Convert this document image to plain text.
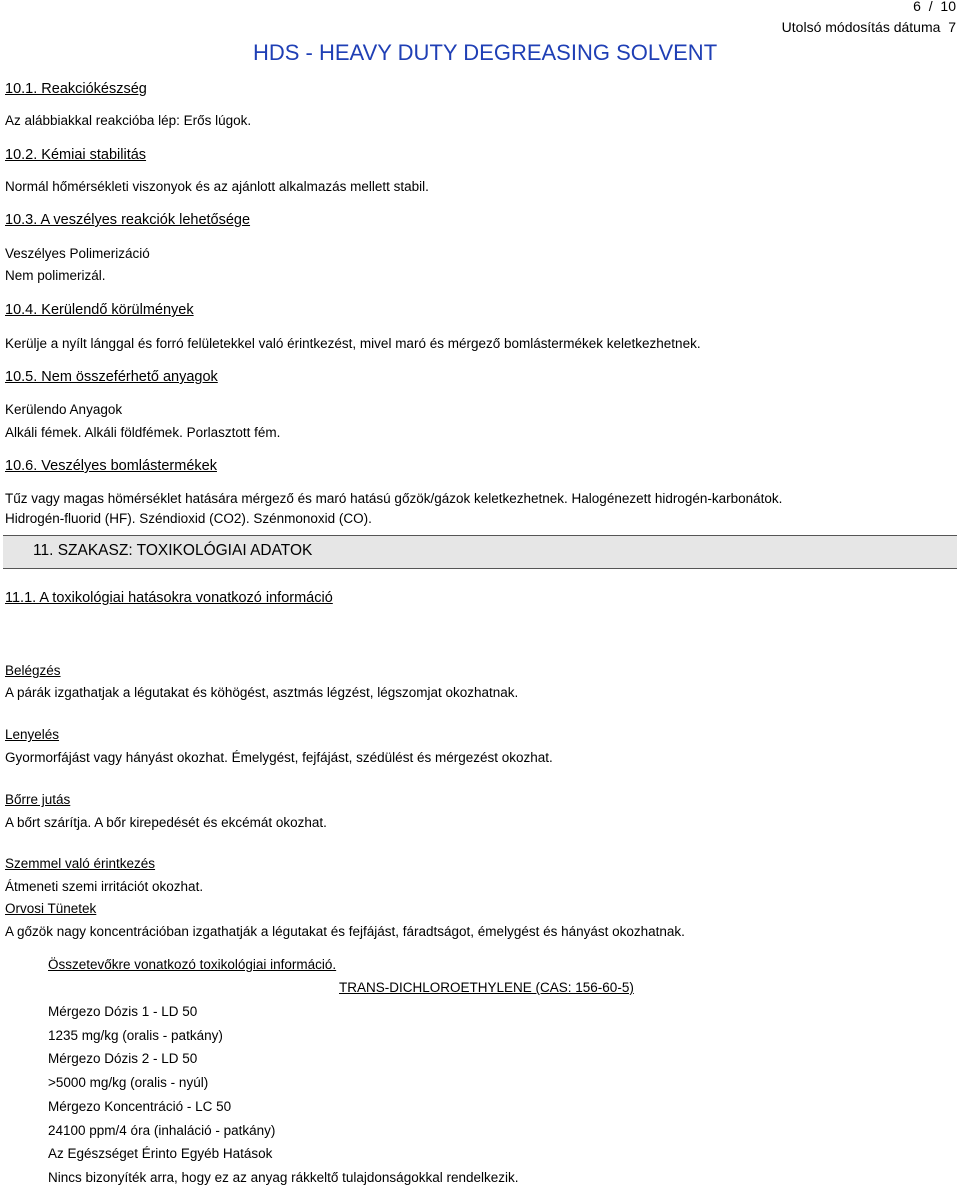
6 / 10
Utolsó módosítás dátuma 7
HDS - HEAVY DUTY DEGREASING SOLVENT
10.1. Reakciókészség
Az alábbiakkal reakcióba lép: Erős lúgok.
10.2. Kémiai stabilitás
Normál hőmérsékleti viszonyok és az ajánlott alkalmazás mellett stabil.
10.3. A veszélyes reakciók lehetősége
Veszélyes Polimerizáció
Nem polimerizál.
10.4. Kerülendő körülmények
Kerülje a nyílt lánggal és forró felületekkel való érintkezést, mivel maró és mérgező bomlástermékek keletkezhetnek.
10.5. Nem összeférhető anyagok
Kerülendo Anyagok
Alkáli fémek. Alkáli földfémek. Porlasztott fém.
10.6. Veszélyes bomlástermékek
Tűz vagy magas hömérséklet hatására mérgező és maró hatású gőzök/gázok keletkezhetnek. Halogénezett hidrogén-karbonátok.
Hidrogén-fluorid (HF). Széndioxid (CO2). Szénmonoxid (CO).
11. SZAKASZ: TOXIKOLÓGIAI ADATOK
11.1. A toxikológiai hatásokra vonatkozó információ
Belégzés
A párák izgathatjak a légutakat és köhögést, asztmás légzést, légszomjat okozhatnak.
Lenyelés
Gyormorfájást vagy hányást okozhat. Émelygést, fejfájást, szédülést és mérgezést okozhat.
Bőrre jutás
A bőrt szárítja. A bőr kirepedését és ekcémát okozhat.
Szemmel való érintkezés
Átmeneti szemi irritációt okozhat.
Orvosi Tünetek
A gőzök nagy koncentrációban izgathatják a légutakat és fejfájást, fáradtságot, émelygést és hányást okozhatnak.
Összetevőkre vonatkozó toxikológiai információ.
TRANS-DICHLOROETHYLENE (CAS: 156-60-5)
Mérgezo Dózis 1 - LD 50
1235 mg/kg (oralis - patkány)
Mérgezo Dózis 2 - LD 50
>5000 mg/kg (oralis - nyúl)
Mérgezo Koncentráció - LC 50
24100 ppm/4 óra (inhaláció - patkány)
Az Egészséget Érinto Egyéb Hatások
Nincs bizonyíték arra, hogy ez az anyag rákkeltő tulajdonságokkal rendelkezik.
